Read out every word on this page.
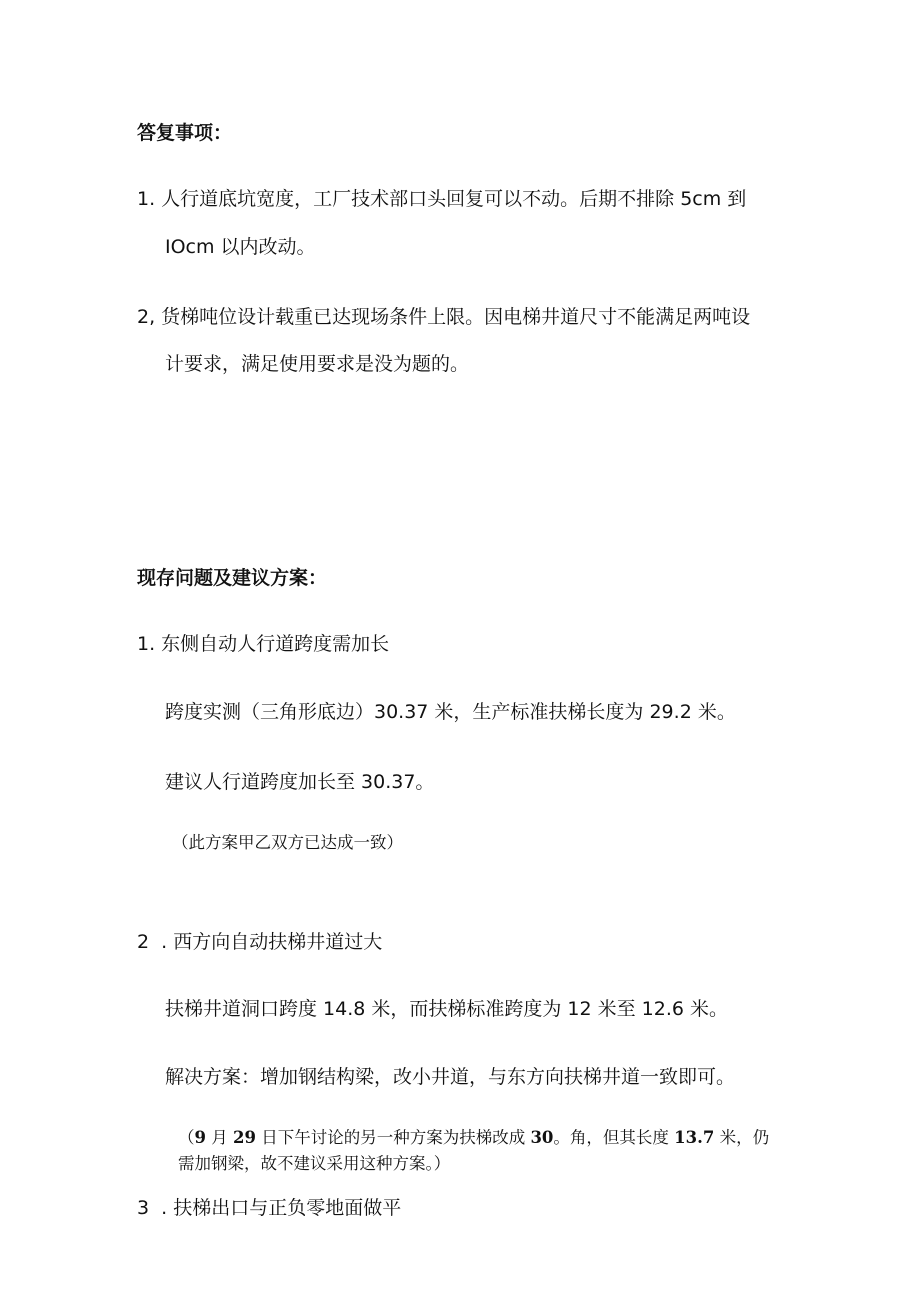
答复事项：
1. 人行道底坑宽度，工厂技术部口头回复可以不动。后期不排除 5cm 到
IOcm 以内改动。
2, 货梯吨位设计载重已达现场条件上限。因电梯井道尺寸不能满足两吨设
计要求，满足使用要求是没为题的。
现存问题及建议方案：
1. 东侧自动人行道跨度需加长
跨度实测（三角形底边）30.37 米，生产标准扶梯长度为 29.2 米。
建议人行道跨度加长至 30.37。
（此方案甲乙双方已达成一致）
2  . 西方向自动扶梯井道过大
扶梯井道洞口跨度 14.8 米，而扶梯标准跨度为 12 米至 12.6 米。
解决方案：增加钢结构梁，改小井道，与东方向扶梯井道一致即可。
（9 月 29 日下午讨论的另一种方案为扶梯改成 30。角，但其长度 13.7 米，仍
需加钢梁，故不建议采用这种方案。）
3  . 扶梯出口与正负零地面做平
